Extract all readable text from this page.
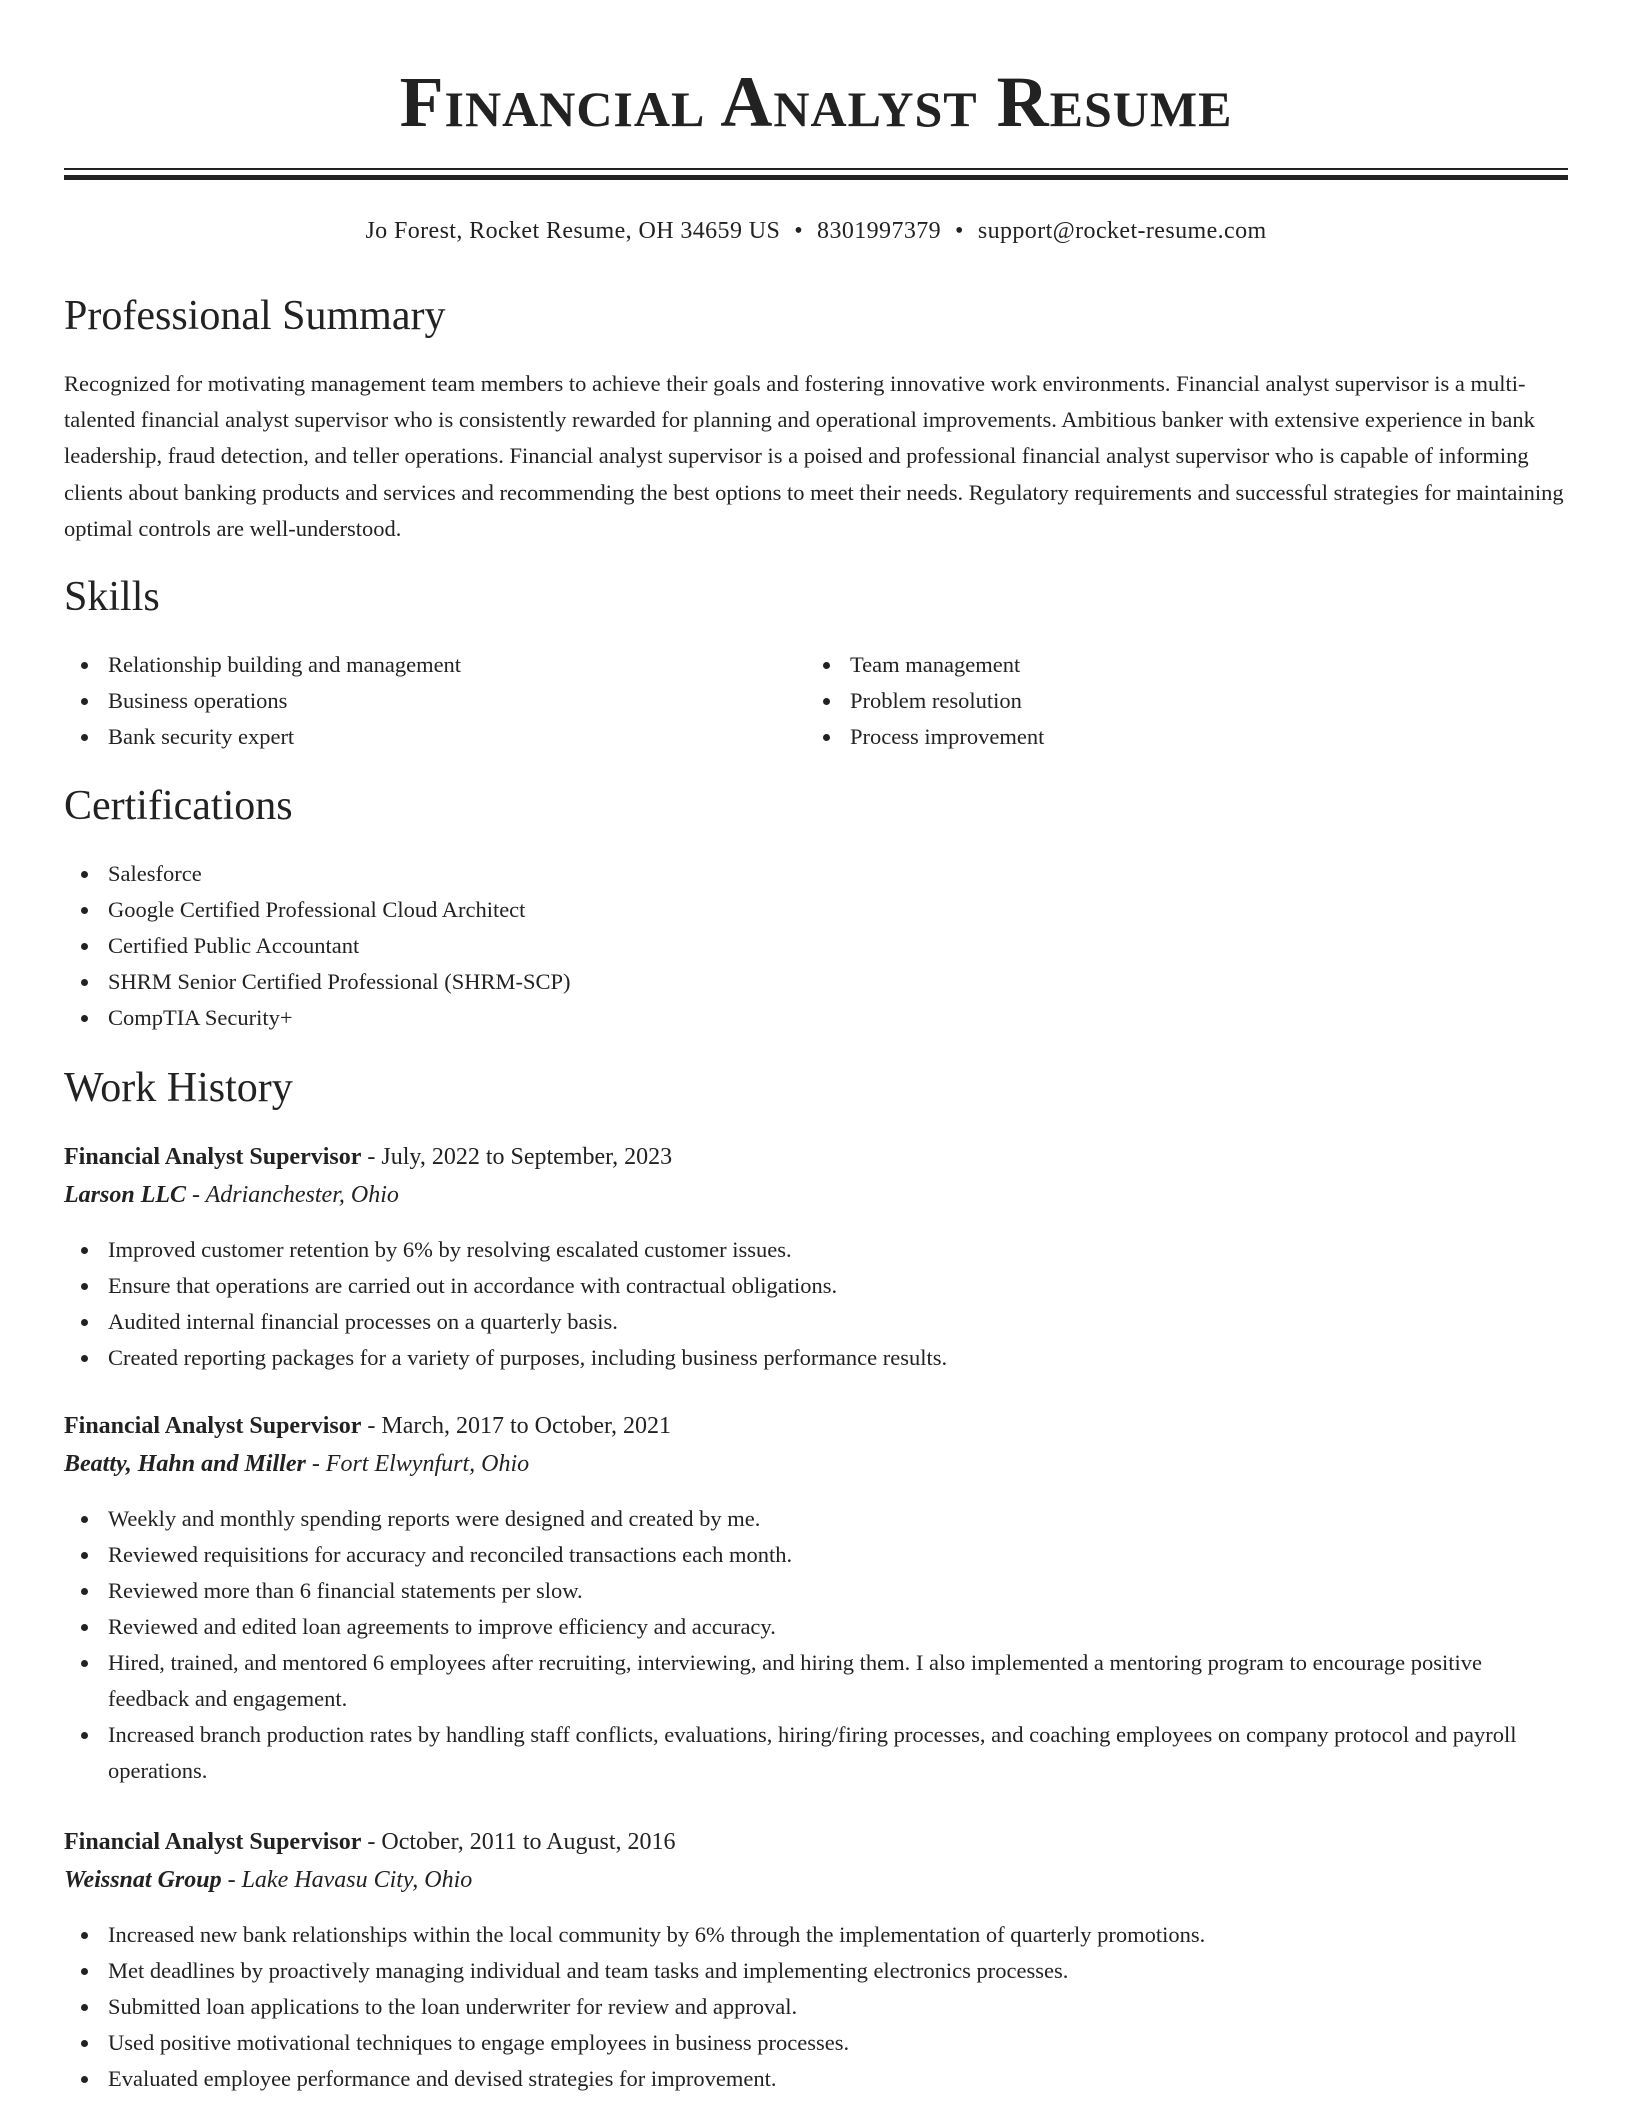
Financial Analyst Resume
Jo Forest, Rocket Resume, OH 34659 US • 8301997379 • support@rocket-resume.com
Professional Summary

Recognized for motivating management team members to achieve their goals and fostering innovative work environments. Financial analyst supervisor is a multi-talented financial analyst supervisor who is consistently rewarded for planning and operational improvements. Ambitious banker with extensive experience in bank leadership, fraud detection, and teller operations. Financial analyst supervisor is a poised and professional financial analyst supervisor who is capable of informing clients about banking products and services and recommending the best options to meet their needs. Regulatory requirements and successful strategies for maintaining optimal controls are well-understood.

Skills
Relationship building and management
Business operations
Bank security expert
Team management
Problem resolution
Process improvement
Certifications
Salesforce
Google Certified Professional Cloud Architect
Certified Public Accountant
SHRM Senior Certified Professional (SHRM-SCP)
CompTIA Security+
Work History

Financial Analyst Supervisor - July, 2022 to September, 2023

Larson LLC - Adrianchester, Ohio

Improved customer retention by 6% by resolving escalated customer issues.
Ensure that operations are carried out in accordance with contractual obligations.
Audited internal financial processes on a quarterly basis.
Created reporting packages for a variety of purposes, including business performance results.

Financial Analyst Supervisor - March, 2017 to October, 2021

Beatty, Hahn and Miller - Fort Elwynfurt, Ohio

Weekly and monthly spending reports were designed and created by me.
Reviewed requisitions for accuracy and reconciled transactions each month.
Reviewed more than 6 financial statements per slow.
Reviewed and edited loan agreements to improve efficiency and accuracy.
Hired, trained, and mentored 6 employees after recruiting, interviewing, and hiring them. I also implemented a mentoring program to encourage positive feedback and engagement.
Increased branch production rates by handling staff conflicts, evaluations, hiring/firing processes, and coaching employees on company protocol and payroll operations.

Financial Analyst Supervisor - October, 2011 to August, 2016

Weissnat Group - Lake Havasu City, Ohio

Increased new bank relationships within the local community by 6% through the implementation of quarterly promotions.
Met deadlines by proactively managing individual and team tasks and implementing electronics processes.
Submitted loan applications to the loan underwriter for review and approval.
Used positive motivational techniques to engage employees in business processes.
Evaluated employee performance and devised strategies for improvement.
